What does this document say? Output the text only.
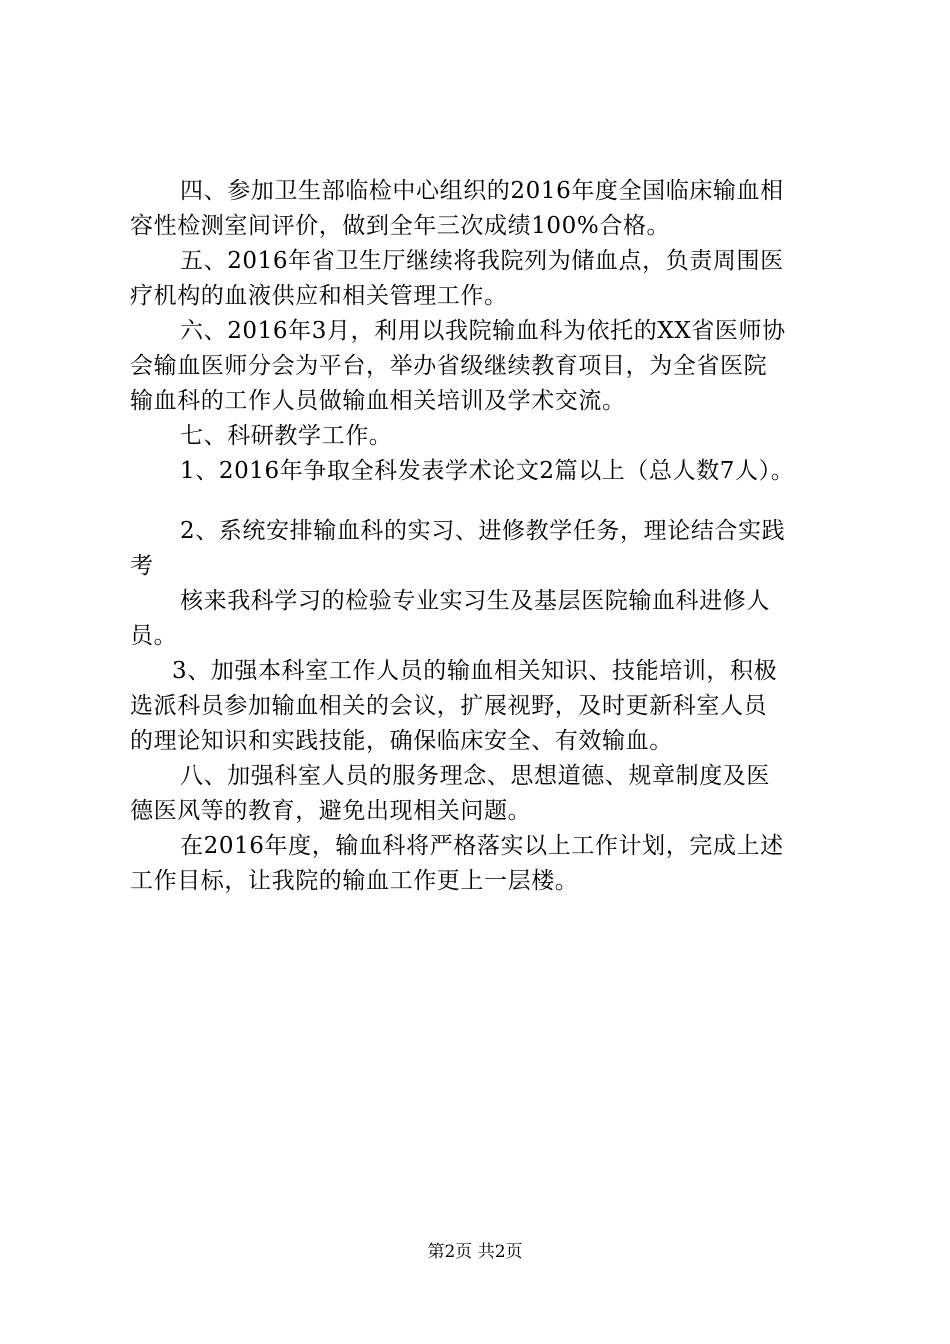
四、参加卫生部临检中心组织的2016年度全国临床输血相
容性检测室间评价，做到全年三次成绩100%合格。
五、2016年省卫生厅继续将我院列为储血点，负责周围医
疗机构的血液供应和相关管理工作。
六、2016年3月，利用以我院输血科为依托的XX省医师协
会输血医师分会为平台，举办省级继续教育项目，为全省医院
输血科的工作人员做输血相关培训及学术交流。
七、科研教学工作。
1、2016年争取全科发表学术论文2篇以上（总人数7人）。
2、系统安排输血科的实习、进修教学任务，理论结合实践
考
核来我科学习的检验专业实习生及基层医院输血科进修人
员。
3、加强本科室工作人员的输血相关知识、技能培训，积极
选派科员参加输血相关的会议，扩展视野，及时更新科室人员
的理论知识和实践技能，确保临床安全、有效输血。
八、加强科室人员的服务理念、思想道德、规章制度及医
德医风等的教育，避免出现相关问题。
在2016年度，输血科将严格落实以上工作计划，完成上述
工作目标，让我院的输血工作更上一层楼。
第2页 共2页
